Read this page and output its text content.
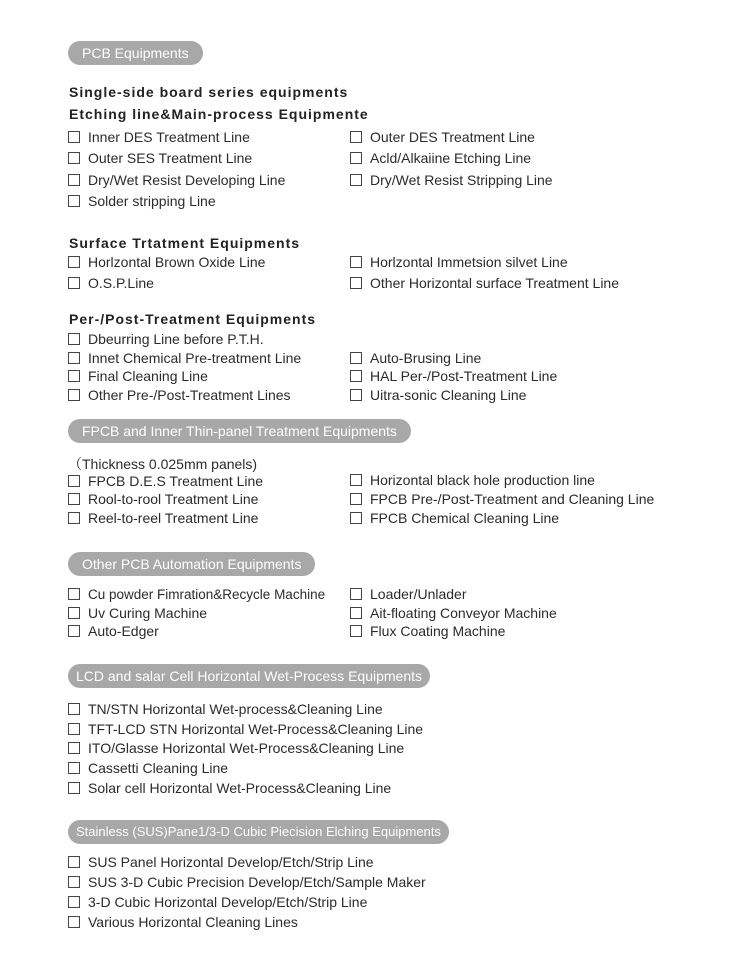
PCB Equipments
Single-side board series equipments
Etching line&Main-process Equipmente
Inner DES Treatment Line	Outer DES Treatment Line
Outer SES Treatment Line	Acld/Alkaiine Etching Line
Dry/Wet Resist Developing Line	Dry/Wet Resist Stripping Line
Solder stripping Line
Surface Trtatment Equipments
Horlzontal Brown Oxide Line	Horlzontal Immetsion silvet Line
O.S.P.Line	Other Horizontal surface Treatment Line
Per-/Post-Treatment Equipments
Dbeurring Line before P.T.H.
Innet Chemical Pre-treatment Line	Auto-Brusing Line
Final Cleaning Line	HAL Per-/Post-Treatment Line
Other Pre-/Post-Treatment Lines	Uitra-sonic Cleaning Line
FPCB and Inner Thin-panel Treatment Equipments
（Thickness 0.025mm panels)
FPCB D.E.S Treatment Line	Horizontal black hole production line
Rool-to-rool Treatment Line	FPCB Pre-/Post-Treatment and Cleaning Line
Reel-to-reel Treatment Line	FPCB Chemical Cleaning Line
Other PCB Automation Equipments
Cu powder Fimration&Recycle Machine	Loader/Unlader
Uv Curing Machine	Ait-floating Conveyor Machine
Auto-Edger	Flux Coating Machine
LCD and salar Cell Horizontal Wet-Process Equipments
TN/STN Horizontal Wet-process&Cleaning Line
TFT-LCD STN Horizontal Wet-Process&Cleaning Line
ITO/Glasse Horizontal Wet-Process&Cleaning Line
Cassetti Cleaning Line
Solar cell Horizontal Wet-Process&Cleaning Line
Stainless (SUS)Pane1/3-D Cubic Piecision Elching Equipments
SUS Panel Horizontal Develop/Etch/Strip Line
SUS 3-D Cubic Precision Develop/Etch/Sample Maker
3-D Cubic Horizontal Develop/Etch/Strip Line
Various Horizontal Cleaning Lines
